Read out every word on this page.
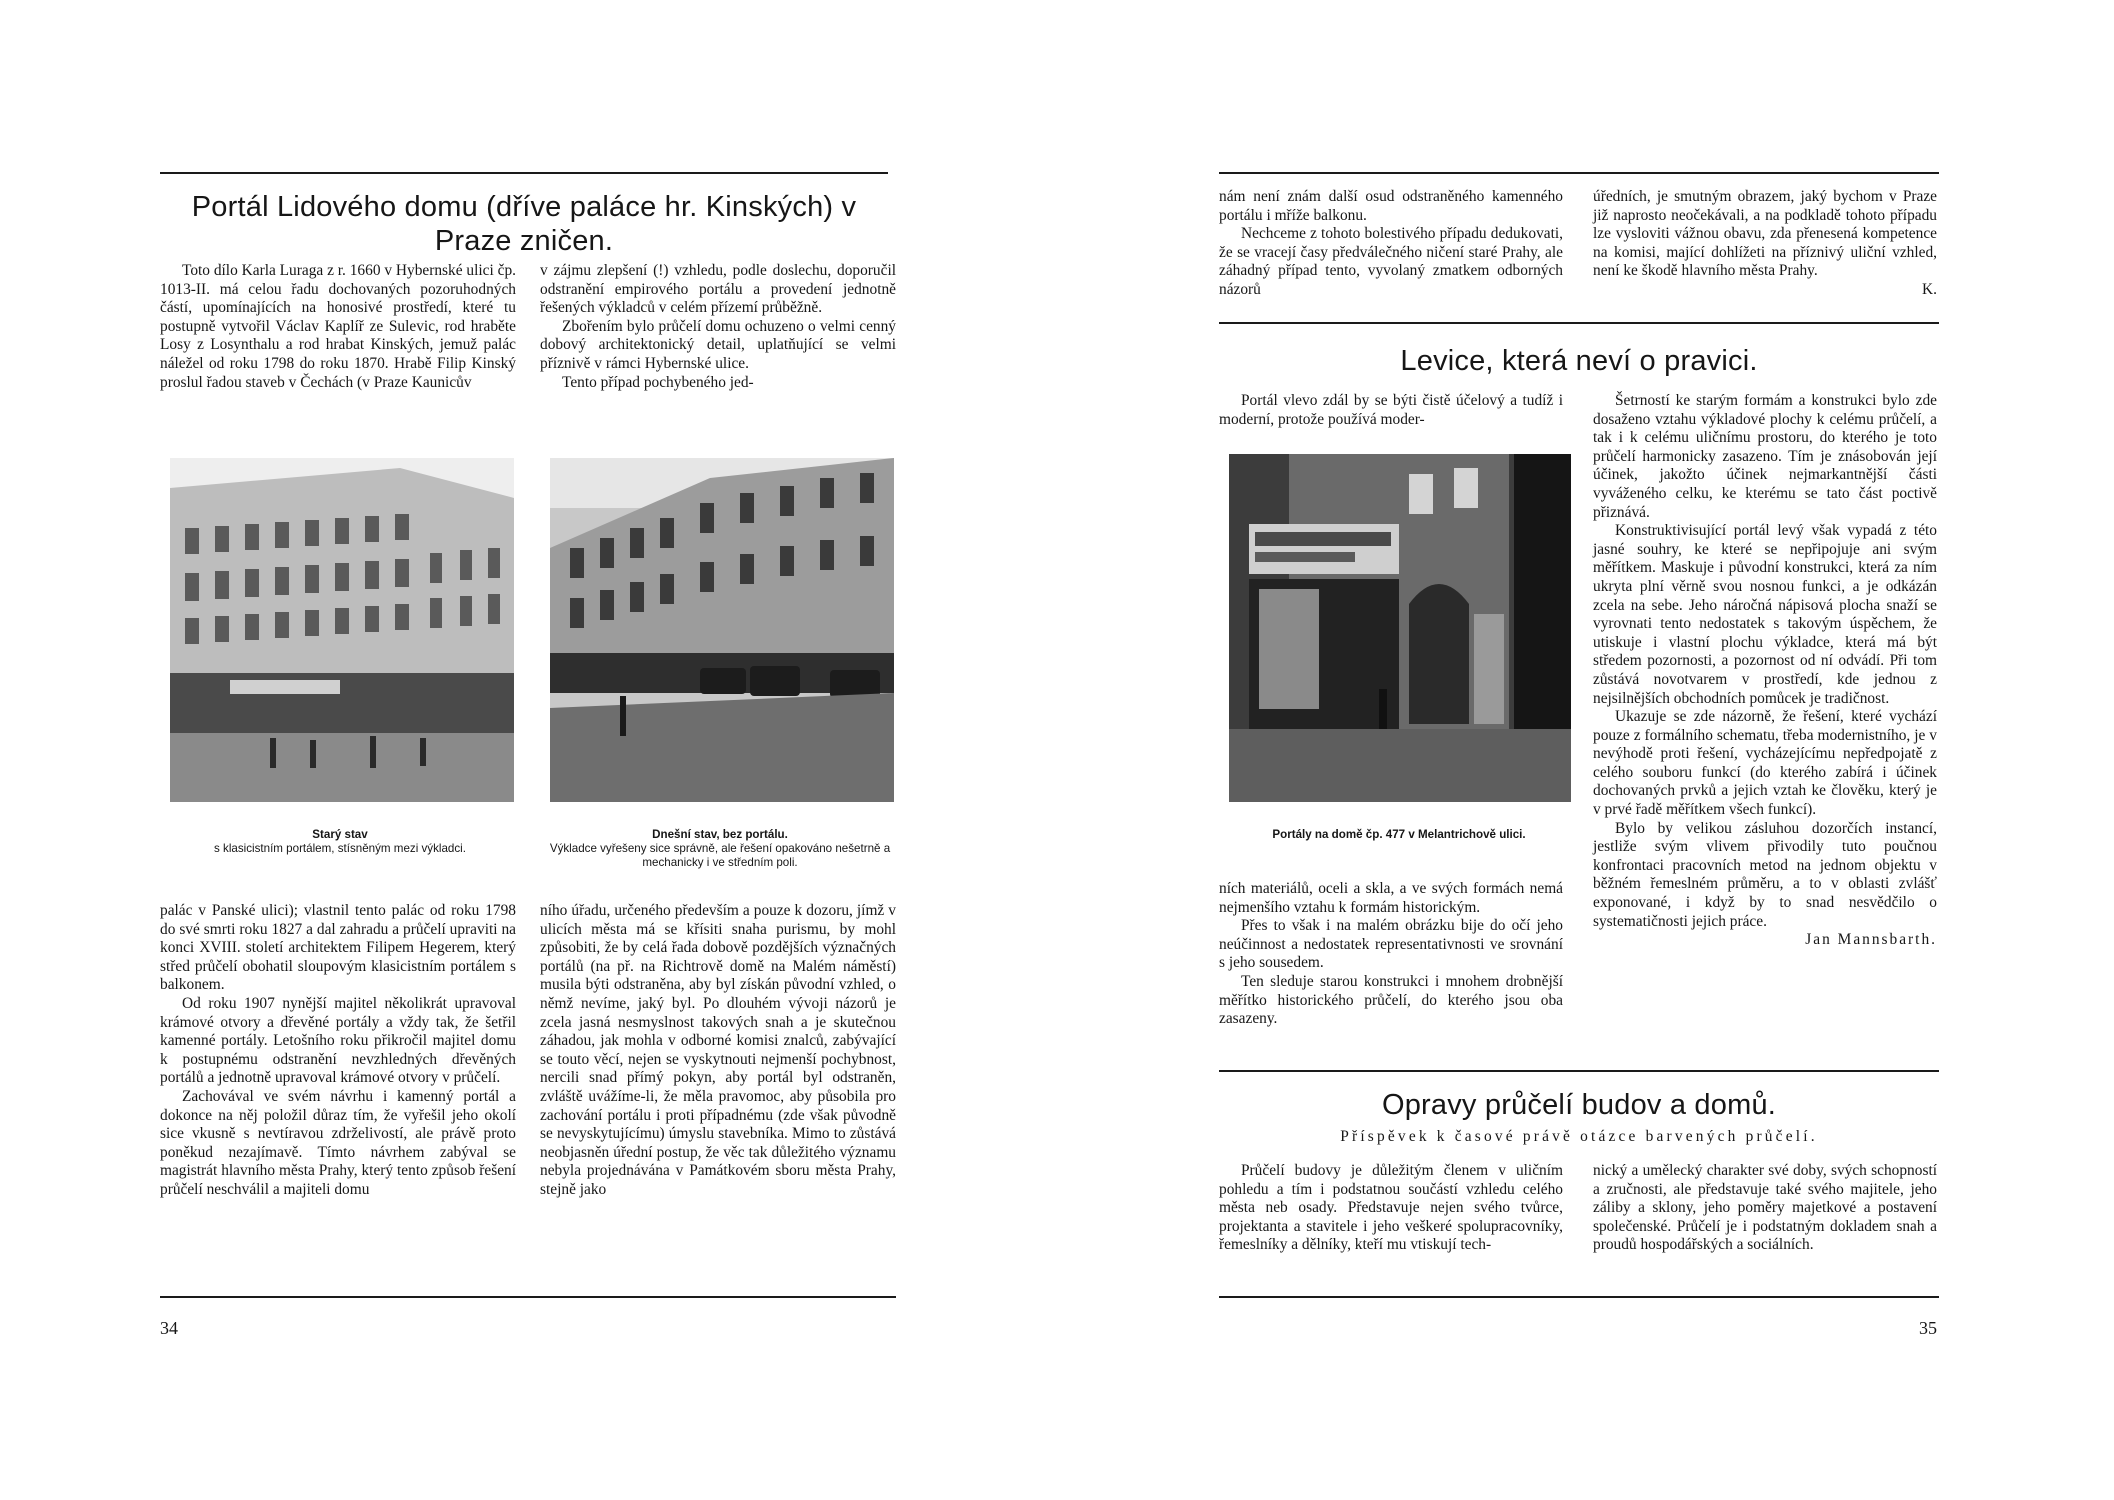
Portál Lidového domu (dříve paláce hr. Kinských) v Praze zničen.

Toto dílo Karla Luraga z r. 1660 v Hybernské ulici čp. 1013-II. má celou řadu dochovaných pozoruhodných částí, upomínajících na honosivé prostředí, které tu postupně vytvořil Václav Kaplíř ze Sulevic, rod hraběte Losy z Losynthalu a rod hrabat Kinských, jemuž palác náležel od roku 1798 do roku 1870. Hrabě Filip Kinský proslul řadou staveb v Čechách (v Praze Kaunicův

v zájmu zlepšení (!) vzhledu, podle doslechu, doporučil odstranění empirového portálu a provedení jednotně řešených výkladců v celém přízemí průběžně.

Zbořením bylo průčelí domu ochuzeno o velmi cenný dobový architektonický detail, uplatňující se velmi příznivě v rámci Hybernské ulice.

Tento případ pochybeného jed-

Starý stav
s klasicistním portálem, stísněným mezi výkladci.

Dnešní stav, bez portálu.
Výkladce vyřešeny sice správně, ale řešení opakováno nešetrně a mechanicky i ve středním poli.

palác v Panské ulici); vlastnil tento palác od roku 1798 do své smrti roku 1827 a dal zahradu a průčelí upraviti na konci XVIII. století architektem Filipem Hegerem, který střed průčelí obohatil sloupovým klasicistním portálem s balkonem.

Od roku 1907 nynější majitel několikrát upravoval krámové otvory a dřevěné portály a vždy tak, že šetřil kamenné portály. Letošního roku přikročil majitel domu k postupnému odstranění nevzhledných dřevěných portálů a jednotně upravoval krámové otvory v průčelí.

Zachovával ve svém návrhu i kamenný portál a dokonce na něj položil důraz tím, že vyřešil jeho okolí sice vkusně s nevtíravou zdrželivostí, ale právě proto poněkud nezajímavě. Tímto návrhem zabýval se magistrát hlavního města Prahy, který tento způsob řešení průčelí neschválil a majiteli domu

ního úřadu, určeného především a pouze k dozoru, jímž v ulicích města má se křísiti snaha purismu, by mohl způsobiti, že by celá řada dobově pozdějších význačných portálů (na př. na Richtrově domě na Malém náměstí) musila býti odstraněna, aby byl získán původní vzhled, o němž nevíme, jaký byl. Po dlouhém vývoji názorů je zcela jasná nesmyslnost takových snah a je skutečnou záhadou, jak mohla v odborné komisi znalců, zabývající se touto věcí, nejen se vyskytnouti nejmenší pochybnost, nercili snad přímý pokyn, aby portál byl odstraněn, zvláště uvážíme-li, že měla pravomoc, aby působila pro zachování portálu i proti případnému (zde však původně se nevyskytujícímu) úmyslu stavebníka. Mimo to zůstává neobjasněn úřední postup, že věc tak důležitého významu nebyla projednávána v Památkovém sboru města Prahy, stejně jako

34

nám není znám další osud odstraněného kamenného portálu i mříže balkonu.

Nechceme z tohoto bolestivého případu dedukovati, že se vracejí časy předválečného ničení staré Prahy, ale záhadný případ tento, vyvolaný zmatkem odborných názorů

úředních, je smutným obrazem, jaký bychom v Praze již naprosto neočekávali, a na podkladě tohoto případu lze vysloviti vážnou obavu, zda přenesená kompetence na komisi, mající dohlížeti na příznivý uliční vzhled, není ke škodě hlavního města Prahy.

K.

Levice, která neví o pravici.

Portál vlevo zdál by se býti čistě účelový a tudíž i moderní, protože používá moder-

Portály na domě čp. 477 v Melantrichově ulici.

ních materiálů, oceli a skla, a ve svých formách nemá nejmenšího vztahu k formám historickým.

Přes to však i na malém obrázku bije do očí jeho neúčinnost a nedostatek representativnosti ve srovnání s jeho sousedem.

Ten sleduje starou konstrukci i mnohem drobnější měřítko historického průčelí, do kterého jsou oba zasazeny.

Šetrností ke starým formám a konstrukci bylo zde dosaženo vztahu výkladové plochy k celému průčelí, a tak i k celému uličnímu prostoru, do kterého je toto průčelí harmonicky zasazeno. Tím je znásobován její účinek, jakožto účinek nejmarkantnější části vyváženého celku, ke kterému se tato část poctivě přiznává.

Konstruktivisující portál levý však vypadá z této jasné souhry, ke které se nepřipojuje ani svým měřítkem. Maskuje i původní konstrukci, která za ním ukryta plní věrně svou nosnou funkci, a je odkázán zcela na sebe. Jeho náročná nápisová plocha snaží se vyrovnati tento nedostatek s takovým úspěchem, že utiskuje i vlastní plochu výkladce, která má být středem pozornosti, a pozornost od ní odvádí. Při tom zůstává novotvarem v prostředí, kde jednou z nejsilnějších obchodních pomůcek je tradičnost.

Ukazuje se zde názorně, že řešení, které vychází pouze z formálního schematu, třeba modernistního, je v nevýhodě proti řešení, vycházejícímu nepředpojatě z celého souboru funkcí (do kterého zabírá i účinek dochovaných prvků a jejich vztah ke člověku, který je v prvé řadě měřítkem všech funkcí).

Bylo by velikou zásluhou dozorčích instancí, jestliže svým vlivem přivodily tuto poučnou konfrontaci pracovních metod na jednom objektu v běžném řemeslném průměru, a to v oblasti zvlášť exponované, i když by to snad nesvědčilo o systematičnosti jejich práce.

Jan Mannsbarth.

Opravy průčelí budov a domů.

Příspěvek k časové právě otázce barvených průčelí.

Průčelí budovy je důležitým členem v uličním pohledu a tím i podstatnou součástí vzhledu celého města neb osady. Představuje nejen svého tvůrce, projektanta a stavitele i jeho veškeré spolupracovníky, řemeslníky a dělníky, kteří mu vtiskují tech-

nický a umělecký charakter své doby, svých schopností a zručnosti, ale představuje také svého majitele, jeho záliby a sklony, jeho poměry majetkové a postavení společenské. Průčelí je i podstatným dokladem snah a proudů hospodářských a sociálních.

35
